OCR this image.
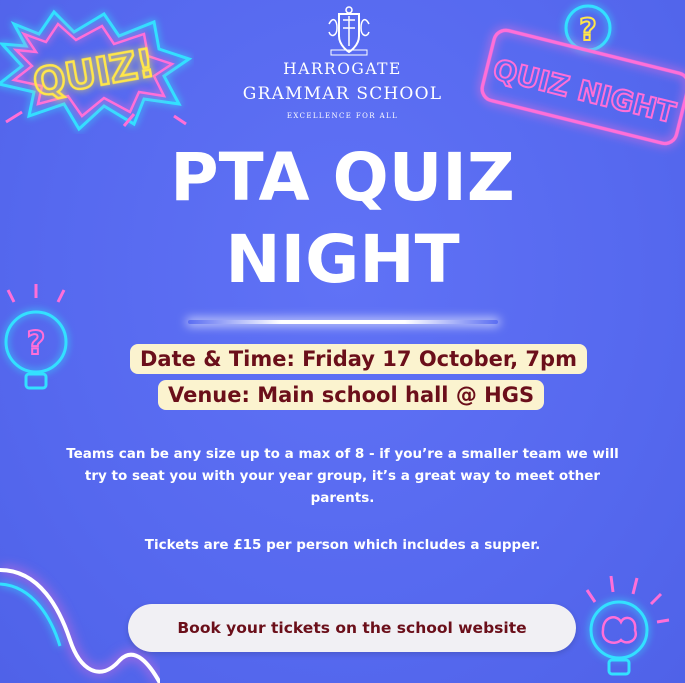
QUIZ!
?
QUIZ NIGHT
?
HARROGATE
GRAMMAR SCHOOL
EXCELLENCE FOR ALL
PTA QUIZ
NIGHT
Date & Time: Friday 17 October, 7pm
Venue: Main school hall @ HGS
Teams can be any size up to a max of 8 - if you’re a smaller team we will try to seat you with your year group, it’s a great way to meet other parents.
Tickets are £15 per person which includes a supper.
Book your tickets on the school website
